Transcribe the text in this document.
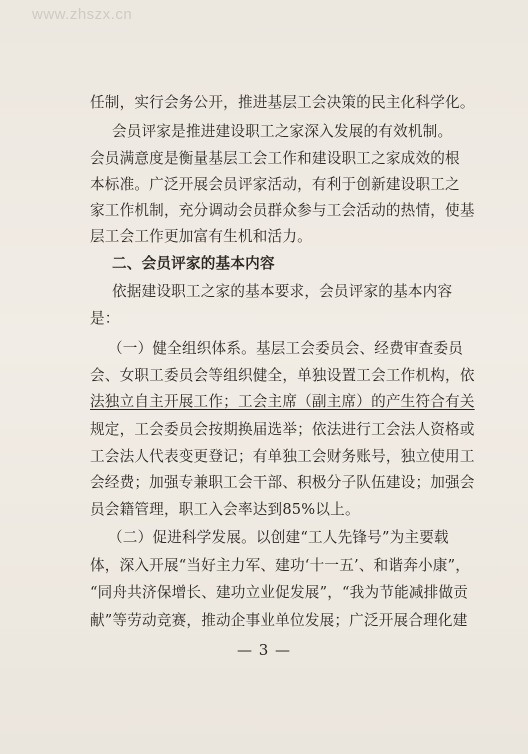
www.zhszx.cn
任制，实行会务公开，推进基层工会决策的民主化科学化。
会员评家是推进建设职工之家深入发展的有效机制。
会员满意度是衡量基层工会工作和建设职工之家成效的根
本标准。广泛开展会员评家活动，有利于创新建设职工之
家工作机制，充分调动会员群众参与工会活动的热情，使基
层工会工作更加富有生机和活力。
二、会员评家的基本内容
依据建设职工之家的基本要求，会员评家的基本内容
是：
（一）健全组织体系。基层工会委员会、经费审查委员
会、女职工委员会等组织健全，单独设置工会工作机构，依
法独立自主开展工作；工会主席（副主席）的产生符合有关
规定，工会委员会按期换届选举；依法进行工会法人资格或
工会法人代表变更登记；有单独工会财务账号，独立使用工
会经费；加强专兼职工会干部、积极分子队伍建设；加强会
员会籍管理，职工入会率达到85%以上。
（二）促进科学发展。以创建“工人先锋号”为主要载
体，深入开展“当好主力军、建功‘十一五’、和谐奔小康”，
“同舟共济保增长、建功立业促发展”，“我为节能减排做贡
献”等劳动竞赛，推动企事业单位发展；广泛开展合理化建
— 3 —
